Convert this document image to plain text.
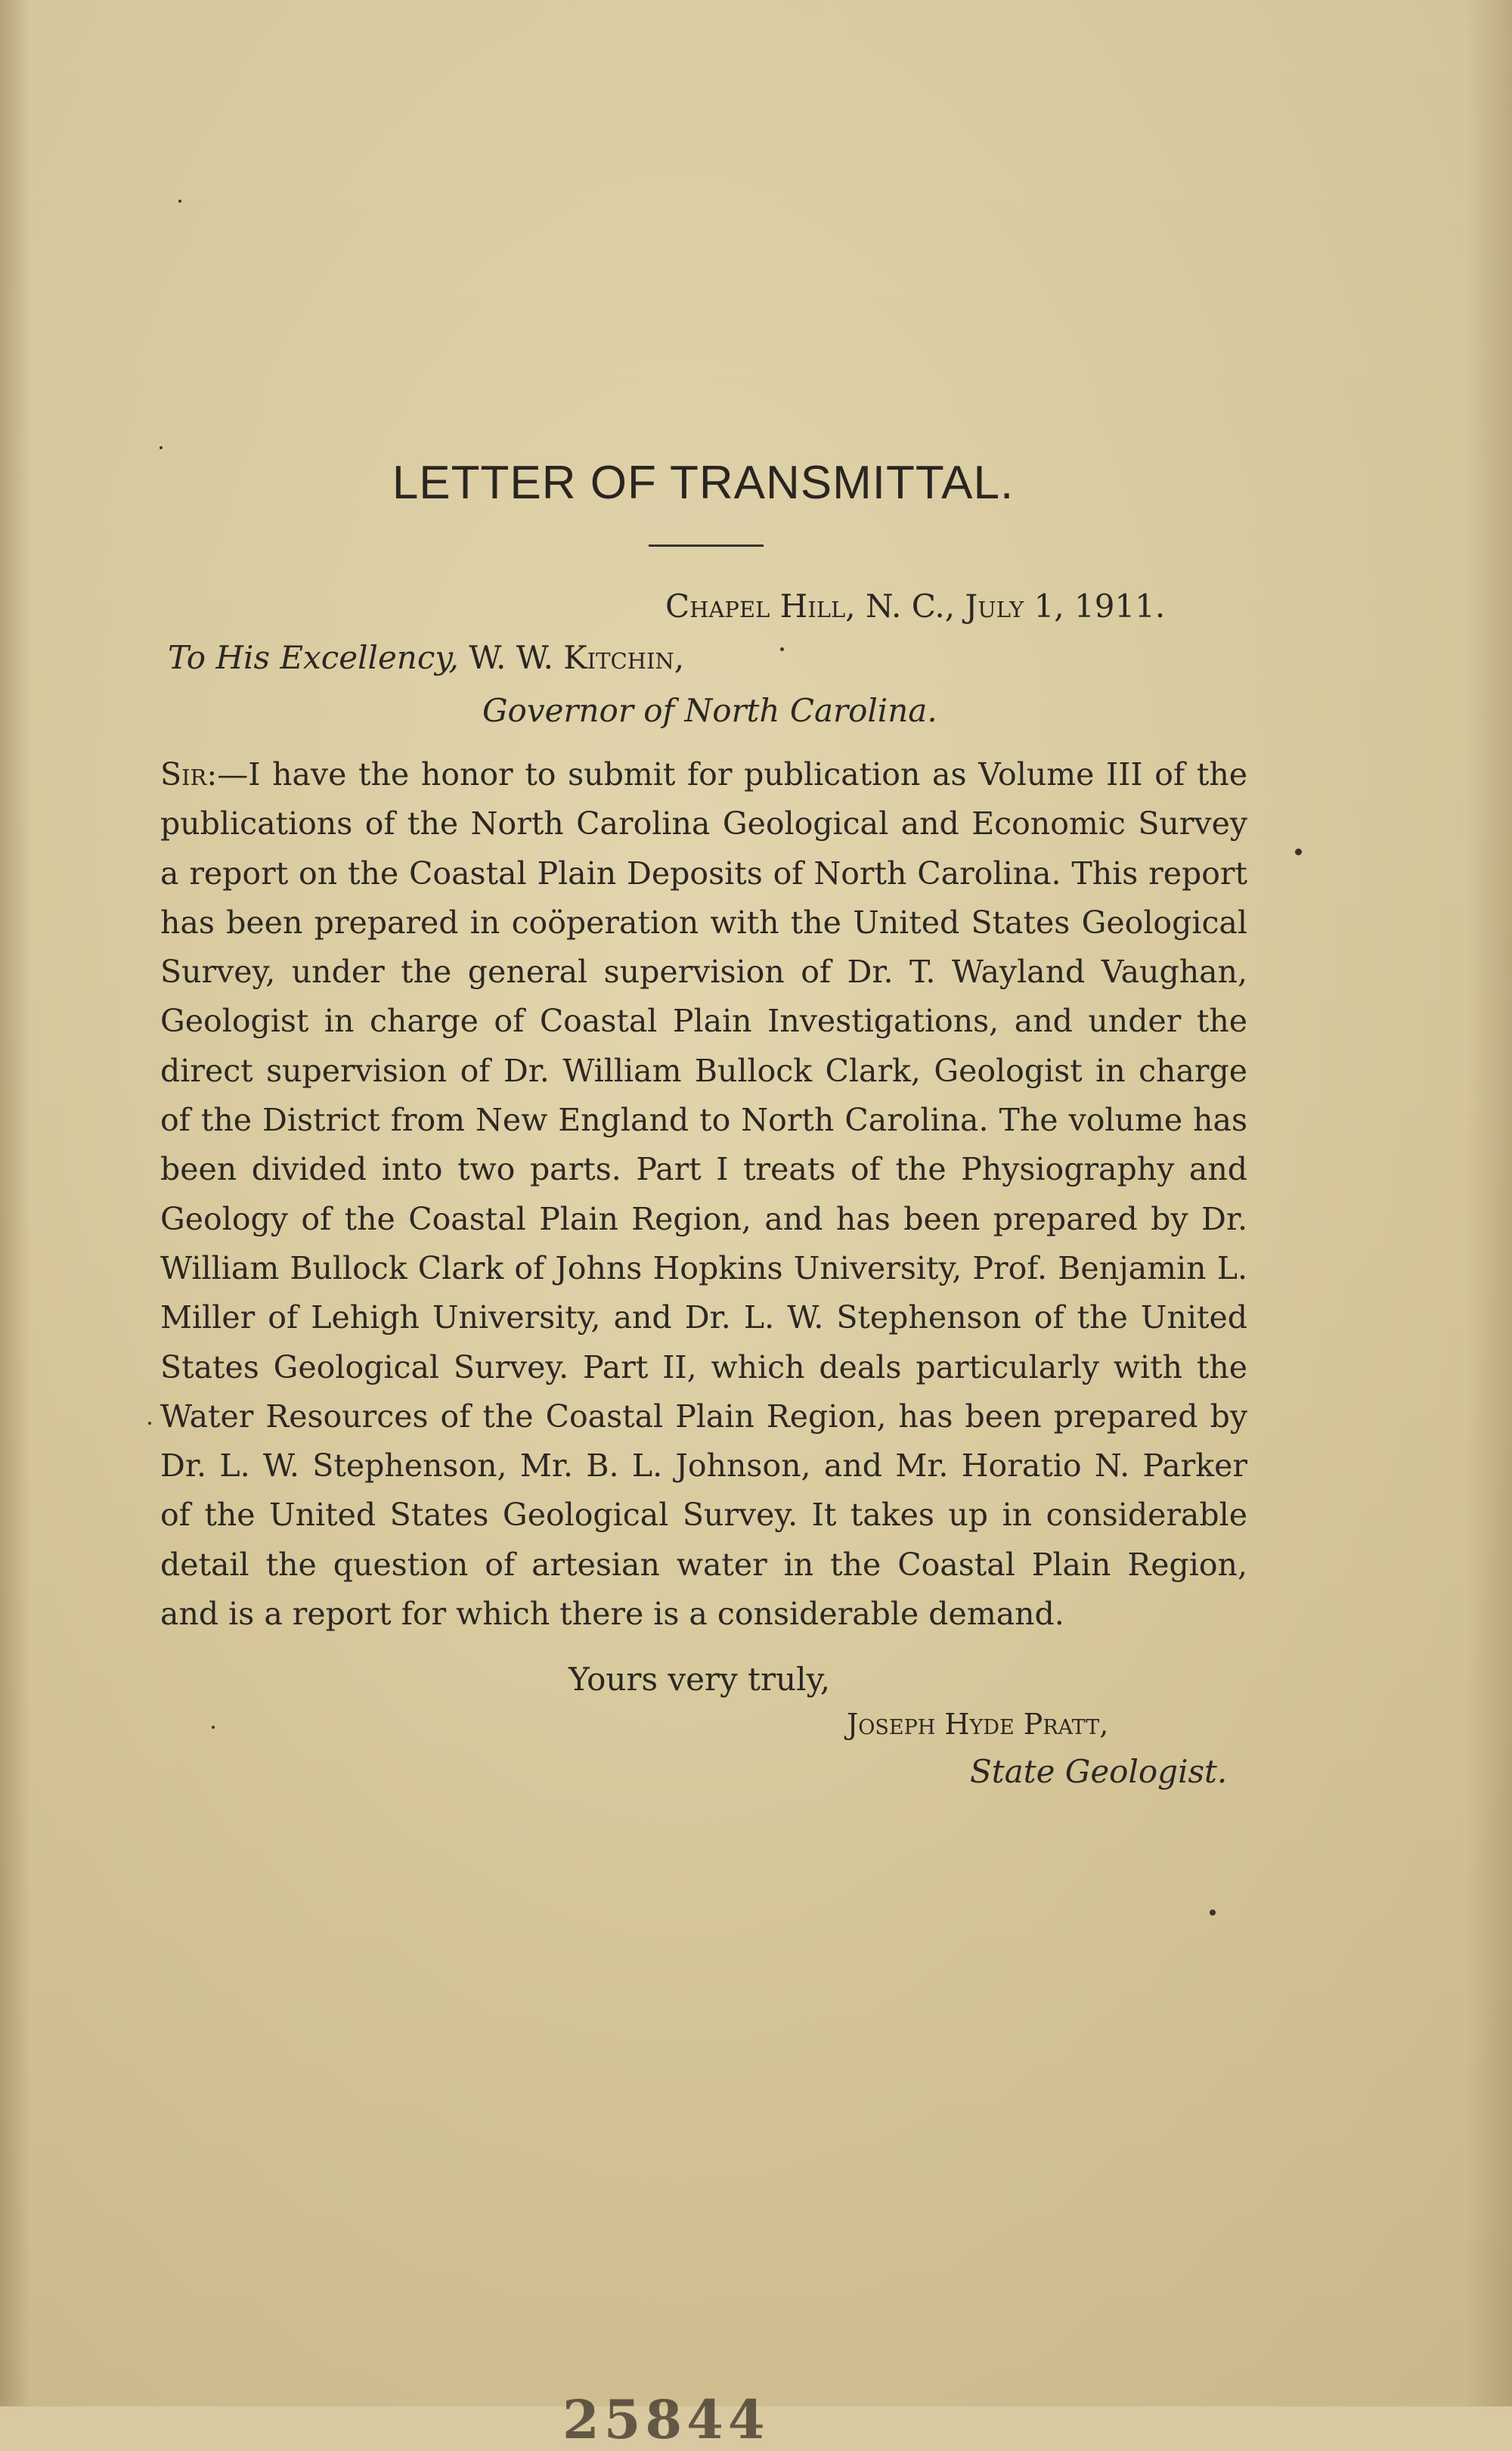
LETTER OF TRANSMITTAL.
Chapel Hill, N. C., July 1, 1911.
To His Excellency, W. W. Kitchin,
Governor of North Carolina.
Sir:—I have the honor to submit for publication as Volume III of the publications of the North Carolina Geological and Economic Survey a report on the Coastal Plain Deposits of North Carolina. This report has been prepared in coöperation with the United States Geological Survey, under the general supervision of Dr. T. Wayland Vaughan, Geologist in charge of Coastal Plain Investigations, and under the direct supervision of Dr. William Bullock Clark, Geologist in charge of the District from New England to North Carolina. The volume has been divided into two parts. Part I treats of the Physiography and Geology of the Coastal Plain Region, and has been prepared by Dr. William Bullock Clark of Johns Hopkins University, Prof. Benjamin L. Miller of Lehigh University, and Dr. L. W. Stephenson of the United States Geological Survey. Part II, which deals particularly with the Water Resources of the Coastal Plain Region, has been prepared by Dr. L. W. Stephenson, Mr. B. L. Johnson, and Mr. Horatio N. Parker of the United States Geological Survey. It takes up in considerable detail the question of artesian water in the Coastal Plain Region, and is a report for which there is a considerable demand.
Yours very truly,
Joseph Hyde Pratt,
State Geologist.
25844
